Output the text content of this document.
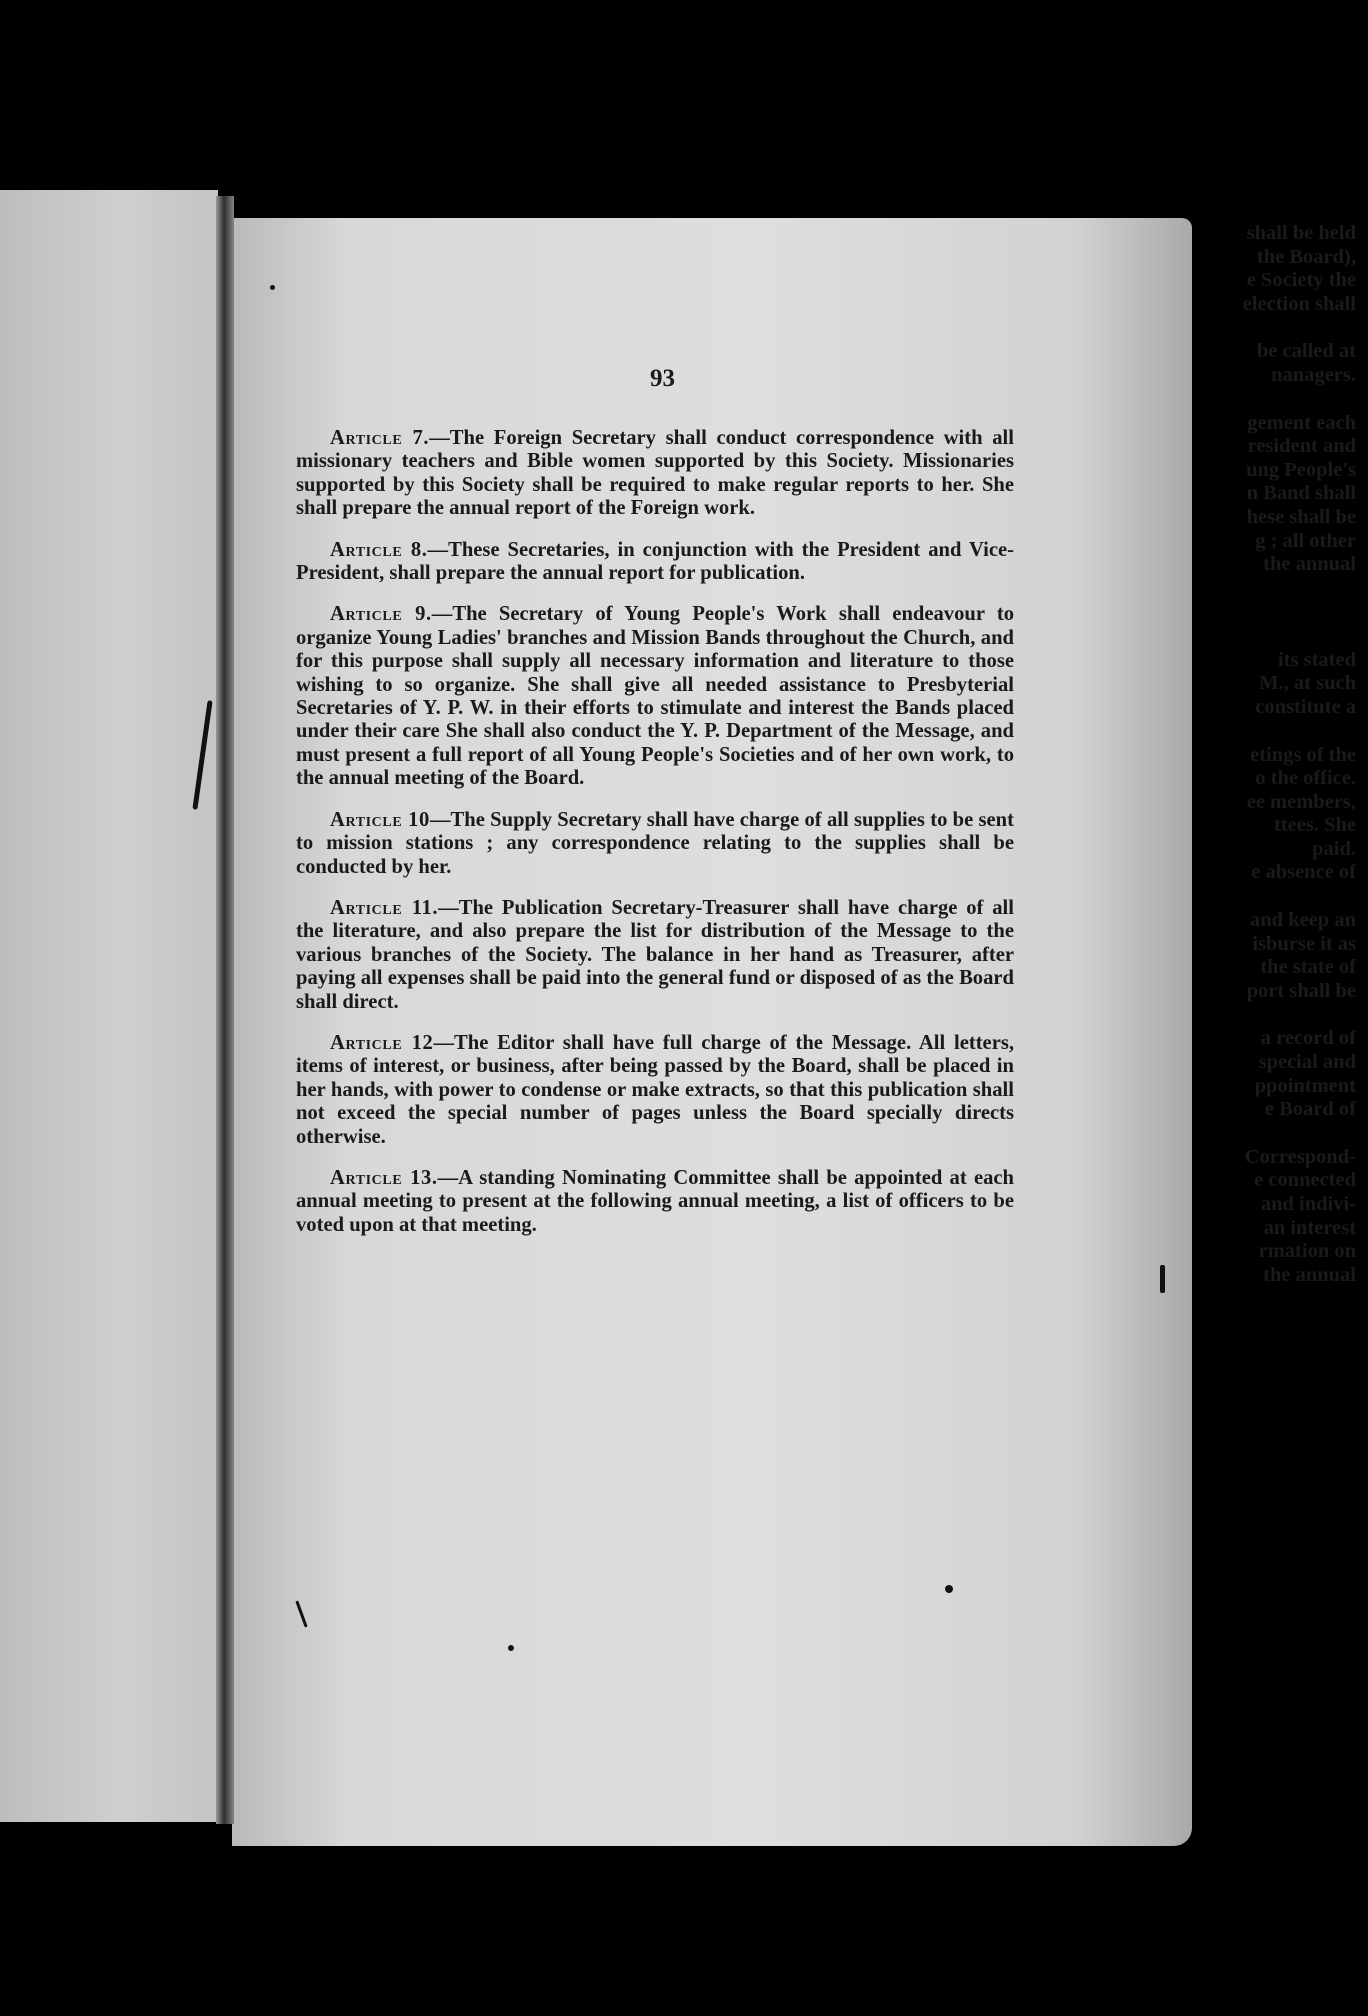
shall be held
the Board),
e Society the
election shall
be called at
nanagers.
gement each
resident and
ung People's
n Band shall
hese shall be
g ; all other
the annual
its stated
M., at such
constitute a
etings of the
o the office.
ee members,
ttees. She
paid.
e absence of
and keep an
isburse it as
the state of
port shall be
a record of
special and
ppointment
e Board of
Correspond-
e connected
and indivi-
an interest
rmation on
the annual
93

Article 7.—The Foreign Secretary shall conduct correspondence with all missionary teachers and Bible women supported by this Society. Missionaries supported by this Society shall be required to make regular reports to her. She shall prepare the annual report of the Foreign work.

Article 8.—These Secretaries, in conjunction with the President and Vice-President, shall prepare the annual report for publication.

Article 9.—The Secretary of Young People's Work shall endeavour to organize Young Ladies' branches and Mission Bands throughout the Church, and for this purpose shall supply all necessary information and literature to those wishing to so organize. She shall give all needed assistance to Presbyterial Secretaries of Y. P. W. in their efforts to stimulate and interest the Bands placed under their care She shall also conduct the Y. P. Department of the Message, and must present a full report of all Young People's Societies and of her own work, to the annual meeting of the Board.

Article 10—The Supply Secretary shall have charge of all supplies to be sent to mission stations ; any correspondence relating to the supplies shall be conducted by her.

Article 11.—The Publication Secretary-Treasurer shall have charge of all the literature, and also prepare the list for distribution of the Message to the various branches of the Society. The balance in her hand as Treasurer, after paying all expenses shall be paid into the general fund or disposed of as the Board shall direct.

Article 12—The Editor shall have full charge of the Message. All letters, items of interest, or business, after being passed by the Board, shall be placed in her hands, with power to condense or make extracts, so that this publication shall not exceed the special number of pages unless the Board specially directs otherwise.

Article 13.—A standing Nominating Committee shall be appointed at each annual meeting to present at the following annual meeting, a list of officers to be voted upon at that meeting.
